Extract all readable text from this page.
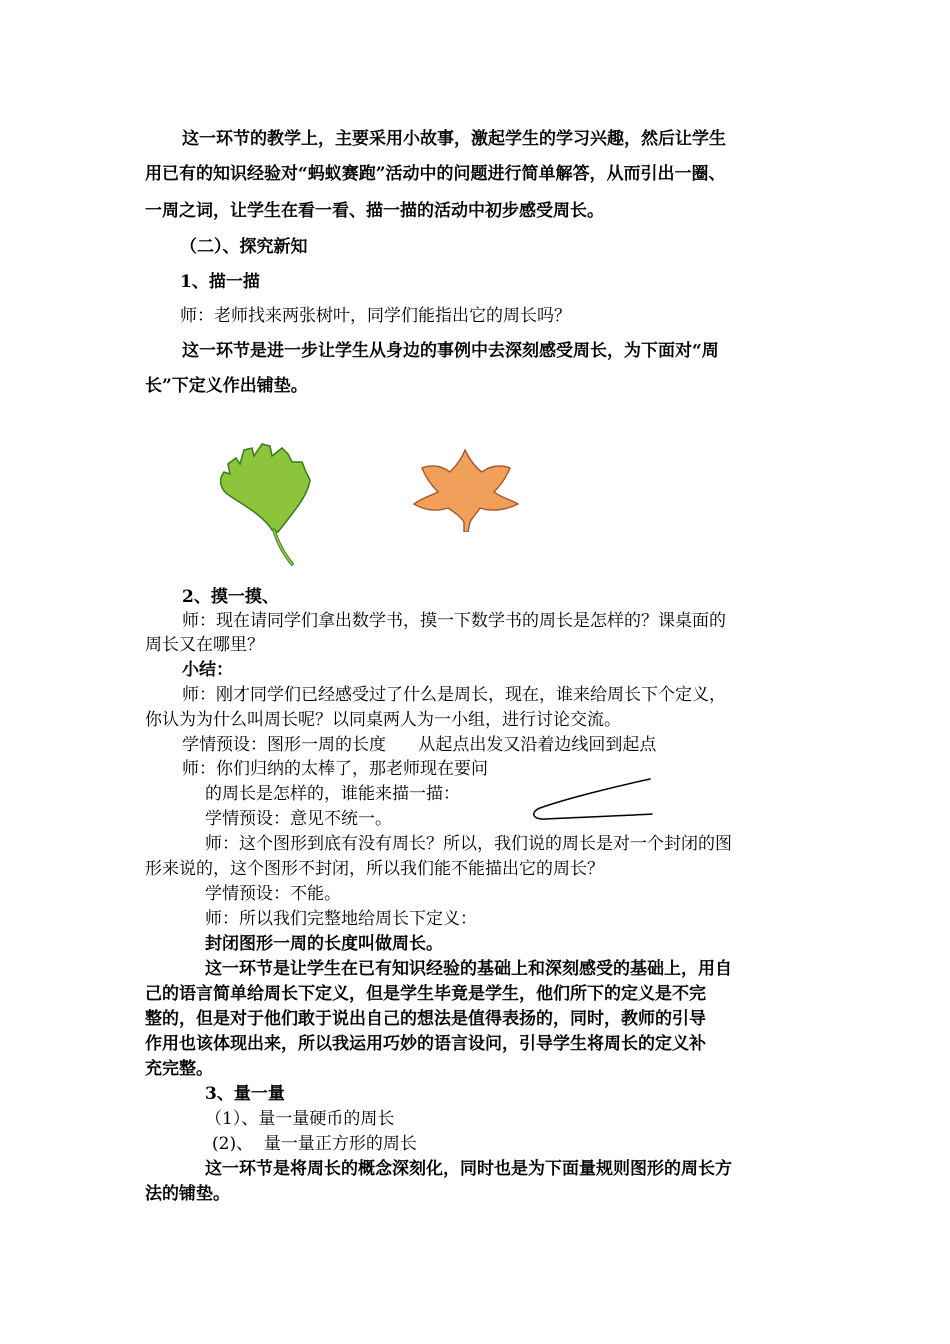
这一环节的教学上，主要采用小故事，激起学生的学习兴趣，然后让学生
用已有的知识经验对“蚂蚁赛跑”活动中的问题进行简单解答，从而引出一圈、
一周之词，让学生在看一看、描一描的活动中初步感受周长。
（二）、探究新知
1、描一描
师：老师找来两张树叶，同学们能指出它的周长吗？
这一环节是进一步让学生从身边的事例中去深刻感受周长，为下面对“周
长”下定义作出铺垫。
2、摸一摸、
师：现在请同学们拿出数学书，摸一下数学书的周长是怎样的？课桌面的
周长又在哪里？
小结：
师：刚才同学们已经感受过了什么是周长，现在，谁来给周长下个定义，
你认为为什么叫周长呢？以同桌两人为一小组，进行讨论交流。
学情预设：图形一周的长度      从起点出发又沿着边线回到起点
师：你们归纳的太棒了，那老师现在要问
的周长是怎样的，谁能来描一描：
学情预设：意见不统一。
师：这个图形到底有没有周长？所以，我们说的周长是对一个封闭的图
形来说的，这个图形不封闭，所以我们能不能描出它的周长？
学情预设：不能。
师：所以我们完整地给周长下定义：
封闭图形一周的长度叫做周长。
这一环节是让学生在已有知识经验的基础上和深刻感受的基础上，用自
己的语言简单给周长下定义，但是学生毕竟是学生，他们所下的定义是不完
整的，但是对于他们敢于说出自己的想法是值得表扬的，同时，教师的引导
作用也该体现出来，所以我运用巧妙的语言设问，引导学生将周长的定义补
充完整。
3、量一量
（1）、量一量硬币的周长
(2)、  量一量正方形的周长
这一环节是将周长的概念深刻化，同时也是为下面量规则图形的周长方
法的铺垫。
